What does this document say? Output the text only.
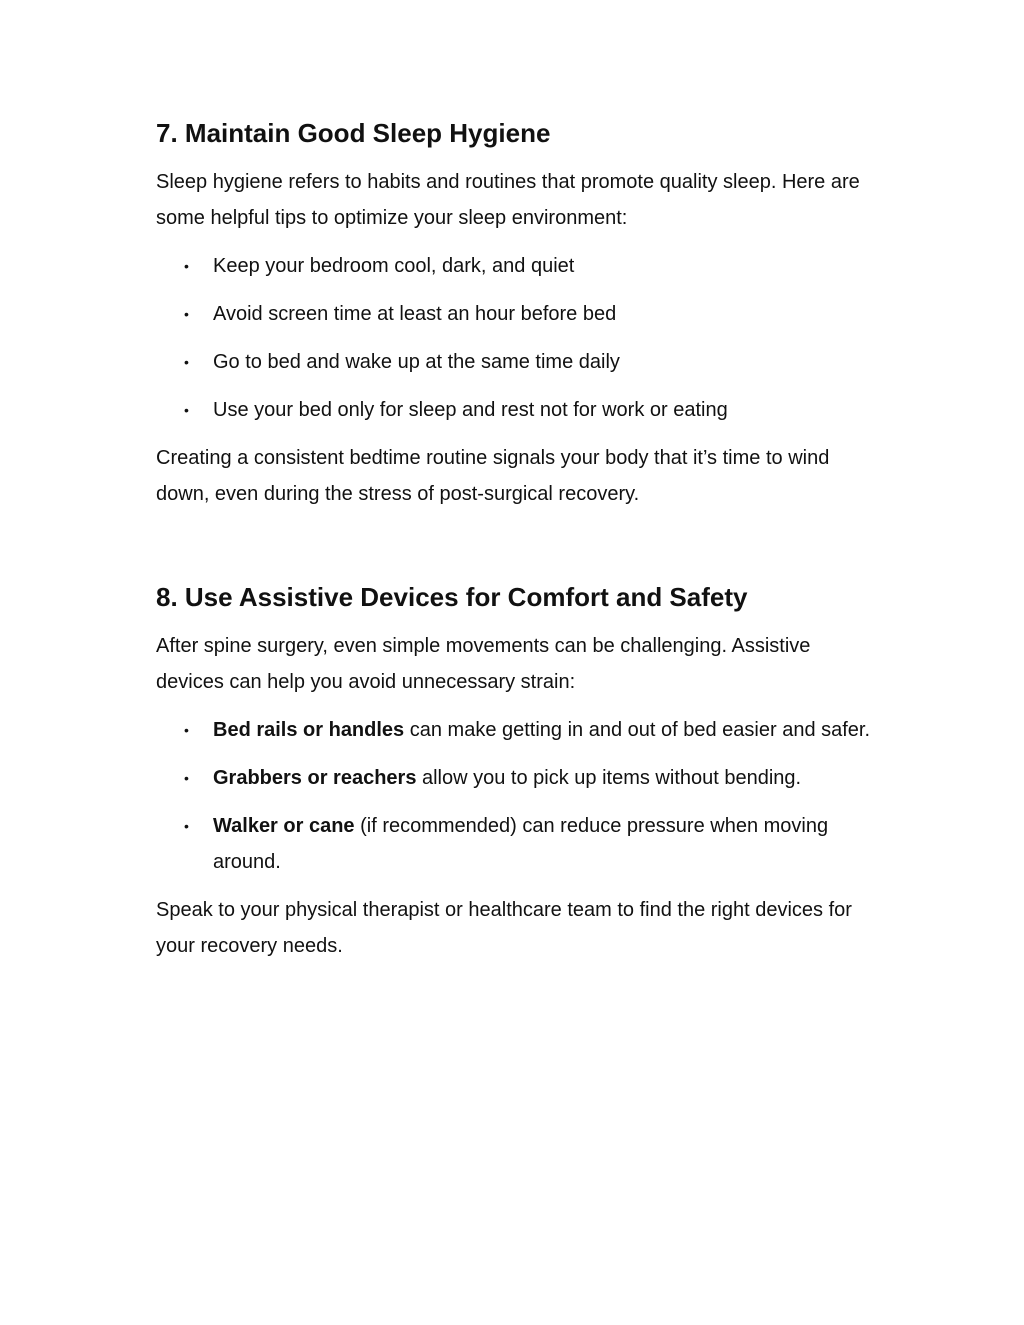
7. Maintain Good Sleep Hygiene

Sleep hygiene refers to habits and routines that promote quality sleep. Here are some helpful tips to optimize your sleep environment:

• Keep your bedroom cool, dark, and quiet
• Avoid screen time at least an hour before bed
• Go to bed and wake up at the same time daily
• Use your bed only for sleep and rest not for work or eating

Creating a consistent bedtime routine signals your body that it’s time to wind down, even during the stress of post-surgical recovery.

8. Use Assistive Devices for Comfort and Safety

After spine surgery, even simple movements can be challenging. Assistive devices can help you avoid unnecessary strain:

• Bed rails or handles can make getting in and out of bed easier and safer.
• Grabbers or reachers allow you to pick up items without bending.
• Walker or cane (if recommended) can reduce pressure when moving around.

Speak to your physical therapist or healthcare team to find the right devices for your recovery needs.
